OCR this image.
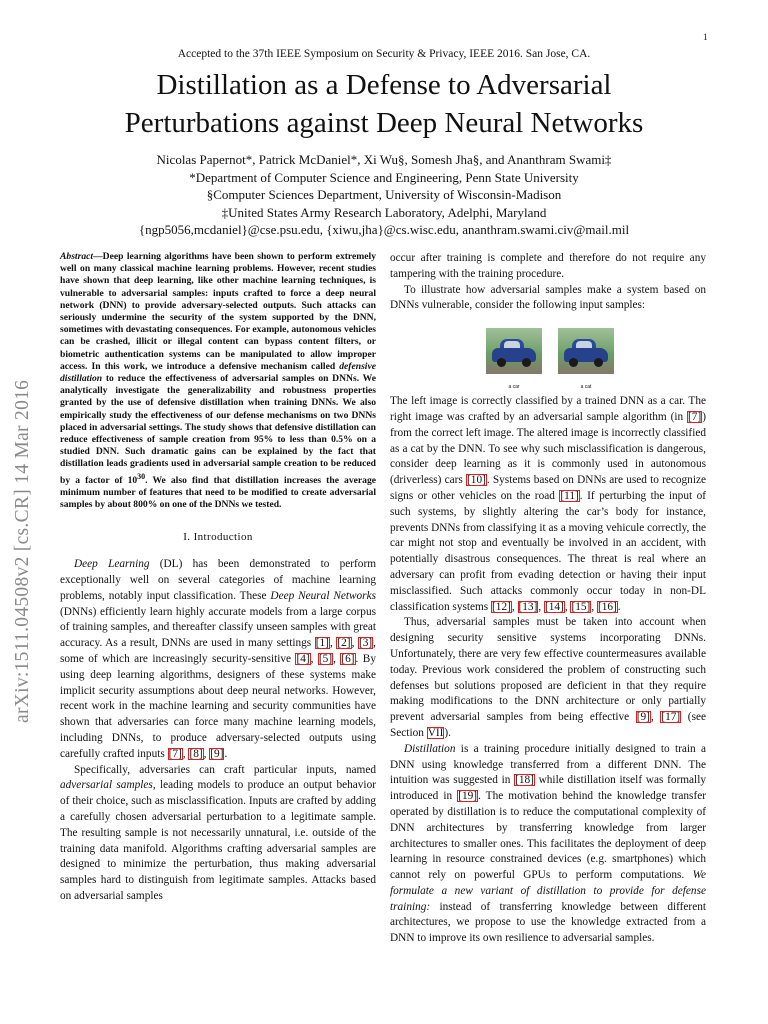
1
Accepted to the 37th IEEE Symposium on Security & Privacy, IEEE 2016. San Jose, CA.
Distillation as a Defense to Adversarial
Perturbations against Deep Neural Networks
Nicolas Papernot*, Patrick McDaniel*, Xi Wu§, Somesh Jha§, and Ananthram Swami‡
*Department of Computer Science and Engineering, Penn State University
§Computer Sciences Department, University of Wisconsin-Madison
‡United States Army Research Laboratory, Adelphi, Maryland
{ngp5056,mcdaniel}@cse.psu.edu, {xiwu,jha}@cs.wisc.edu, ananthram.swami.civ@mail.mil
arXiv:1511.04508v2 [cs.CR] 14 Mar 2016
Abstract—Deep learning algorithms have been shown to perform extremely well on many classical machine learning problems. However, recent studies have shown that deep learning, like other machine learning techniques, is vulnerable to adversarial samples: inputs crafted to force a deep neural network (DNN) to provide adversary-selected outputs. Such attacks can seriously undermine the security of the system supported by the DNN, sometimes with devastating consequences. For example, autonomous vehicles can be crashed, illicit or illegal content can bypass content filters, or biometric authentication systems can be manipulated to allow improper access. In this work, we introduce a defensive mechanism called defensive distillation to reduce the effectiveness of adversarial samples on DNNs. We analytically investigate the generalizability and robustness properties granted by the use of defensive distillation when training DNNs. We also empirically study the effectiveness of our defense mechanisms on two DNNs placed in adversarial settings. The study shows that defensive distillation can reduce effectiveness of sample creation from 95% to less than 0.5% on a studied DNN. Such dramatic gains can be explained by the fact that distillation leads gradients used in adversarial sample creation to be reduced by a factor of $10^{30}$. We also find that distillation increases the average minimum number of features that need to be modified to create adversarial samples by about 800% on one of the DNNs we tested.
I. Introduction

Deep Learning (DL) has been demonstrated to perform exceptionally well on several categories of machine learning problems, notably input classification. These Deep Neural Networks (DNNs) efficiently learn highly accurate models from a large corpus of training samples, and thereafter classify unseen samples with great accuracy. As a result, DNNs are used in many settings [1], [2], [3], some of which are increasingly security-sensitive [4], [5], [6]. By using deep learning algorithms, designers of these systems make implicit security assumptions about deep neural networks. However, recent work in the machine learning and security communities have shown that adversaries can force many machine learning models, including DNNs, to produce adversary-selected outputs using carefully crafted inputs [7], [8], [9].

Specifically, adversaries can craft particular inputs, named adversarial samples, leading models to produce an output behavior of their choice, such as misclassification. Inputs are crafted by adding a carefully chosen adversarial perturbation to a legitimate sample. The resulting sample is not necessarily unnatural, i.e. outside of the training data manifold. Algorithms crafting adversarial samples are designed to minimize the perturbation, thus making adversarial samples hard to distinguish from legitimate samples. Attacks based on adversarial samples

occur after training is complete and therefore do not require any tampering with the training procedure.

To illustrate how adversarial samples make a system based on DNNs vulnerable, consider the following input samples:

a car	a cat

The left image is correctly classified by a trained DNN as a car. The right image was crafted by an adversarial sample algorithm (in [7]) from the correct left image. The altered image is incorrectly classified as a cat by the DNN. To see why such misclassification is dangerous, consider deep learning as it is commonly used in autonomous (driverless) cars [10]. Systems based on DNNs are used to recognize signs or other vehicles on the road [11]. If perturbing the input of such systems, by slightly altering the car’s body for instance, prevents DNNs from classifying it as a moving vehicule correctly, the car might not stop and eventually be involved in an accident, with potentially disastrous consequences. The threat is real where an adversary can profit from evading detection or having their input misclassified. Such attacks commonly occur today in non-DL classification systems [12], [13], [14], [15], [16].

Thus, adversarial samples must be taken into account when designing security sensitive systems incorporating DNNs. Unfortunately, there are very few effective countermeasures available today. Previous work considered the problem of constructing such defenses but solutions proposed are deficient in that they require making modifications to the DNN architecture or only partially prevent adversarial samples from being effective [9], [17] (see Section VII).

Distillation is a training procedure initially designed to train a DNN using knowledge transferred from a different DNN. The intuition was suggested in [18] while distillation itself was formally introduced in [19]. The motivation behind the knowledge transfer operated by distillation is to reduce the computational complexity of DNN architectures by transferring knowledge from larger architectures to smaller ones. This facilitates the deployment of deep learning in resource constrained devices (e.g. smartphones) which cannot rely on powerful GPUs to perform computations. We formulate a new variant of distillation to provide for defense training: instead of transferring knowledge between different architectures, we propose to use the knowledge extracted from a DNN to improve its own resilience to adversarial samples.
